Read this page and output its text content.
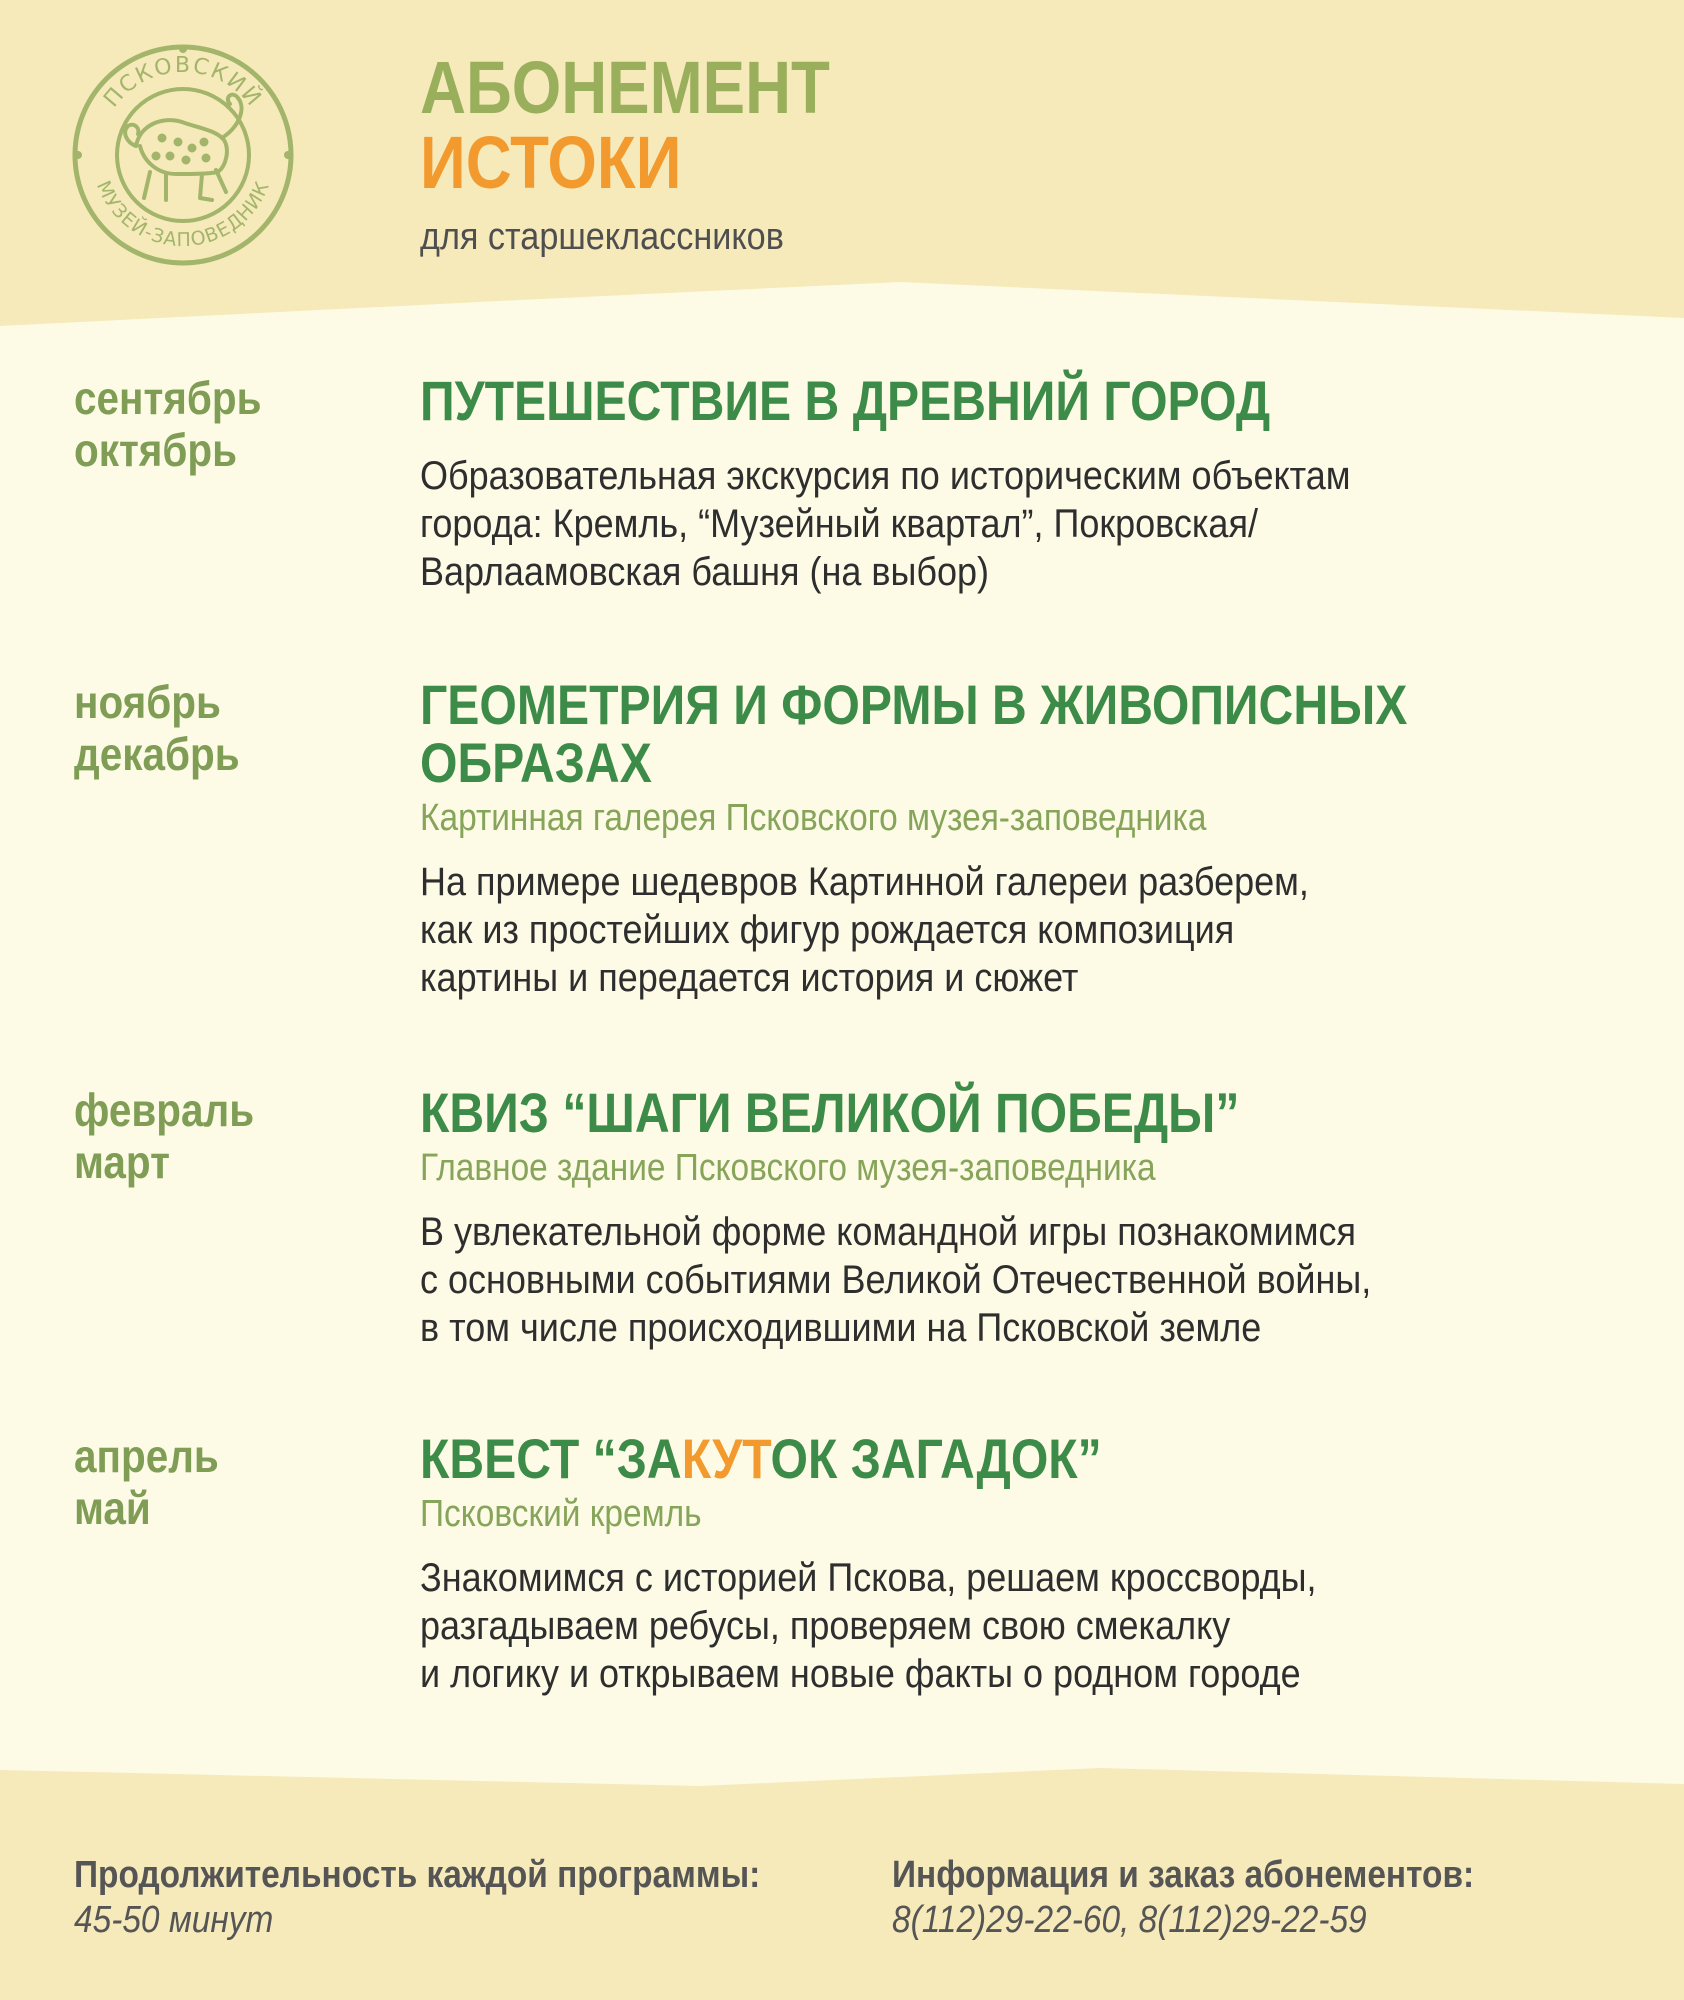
ПСКОВСКИЙ
МУЗЕЙ-ЗАПОВЕДНИК
АБОНЕМЕНТ
ИСТОКИ
для старшеклассников
сентябрь
октябрь
ПУТЕШЕСТВИЕ В ДРЕВНИЙ ГОРОД
Образовательная экскурсия по историческим объектам
города: Кремль, “Музейный квартал”, Покровская/
Варлаамовская башня (на выбор)
ноябрь
декабрь
ГЕОМЕТРИЯ И ФОРМЫ В ЖИВОПИСНЫХ
ОБРАЗАХ
Картинная галерея Псковского музея-заповедника
На примере шедевров Картинной галереи разберем,
как из простейших фигур рождается композиция
картины и передается история и сюжет
февраль
март
КВИЗ “ШАГИ ВЕЛИКОЙ ПОБЕДЫ”
Главное здание Псковского музея-заповедника
В увлекательной форме командной игры познакомимся
с основными событиями Великой Отечественной войны,
в том числе происходившими на Псковской земле
апрель
май
КВЕСТ “ЗАКУТОК ЗАГАДОК”
Псковский кремль
Знакомимся с историей Пскова, решаем кроссворды,
разгадываем ребусы, проверяем свою смекалку
и логику и открываем новые факты о родном городе
Продолжительность каждой программы:
45-50 минут
Информация и заказ абонементов:
8(112)29-22-60, 8(112)29-22-59
